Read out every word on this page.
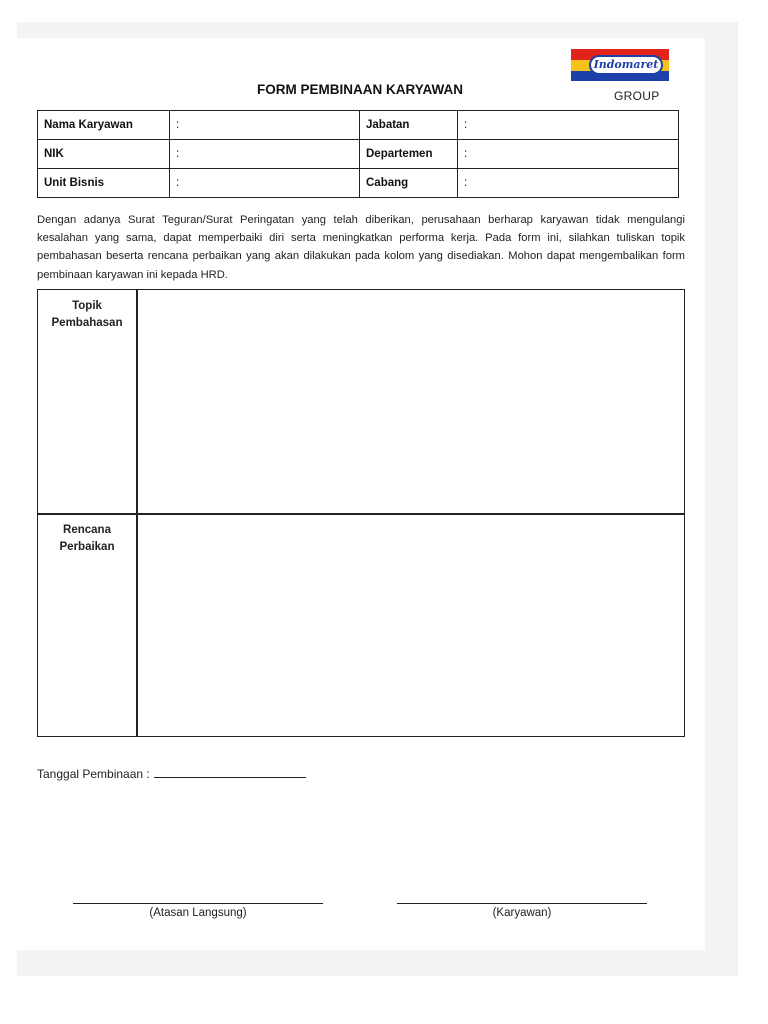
Indomaret
GROUP
FORM PEMBINAAN KARYAWAN
Nama Karyawan	:	Jabatan	:
NIK	:	Departemen	:
Unit Bisnis	:	Cabang	:
Dengan adanya Surat Teguran/Surat Peringatan yang telah diberikan, perusahaan berharap karyawan tidak mengulangi kesalahan yang sama, dapat memperbaiki diri serta meningkatkan performa kerja. Pada form ini, silahkan tuliskan topik pembahasan beserta rencana perbaikan yang akan dilakukan pada kolom yang disediakan. Mohon dapat mengembalikan form pembinaan karyawan ini kepada HRD.
Topik
Pembahasan
Rencana
Perbaikan
Tanggal Pembinaan :
(Atasan Langsung)	(Karyawan)
